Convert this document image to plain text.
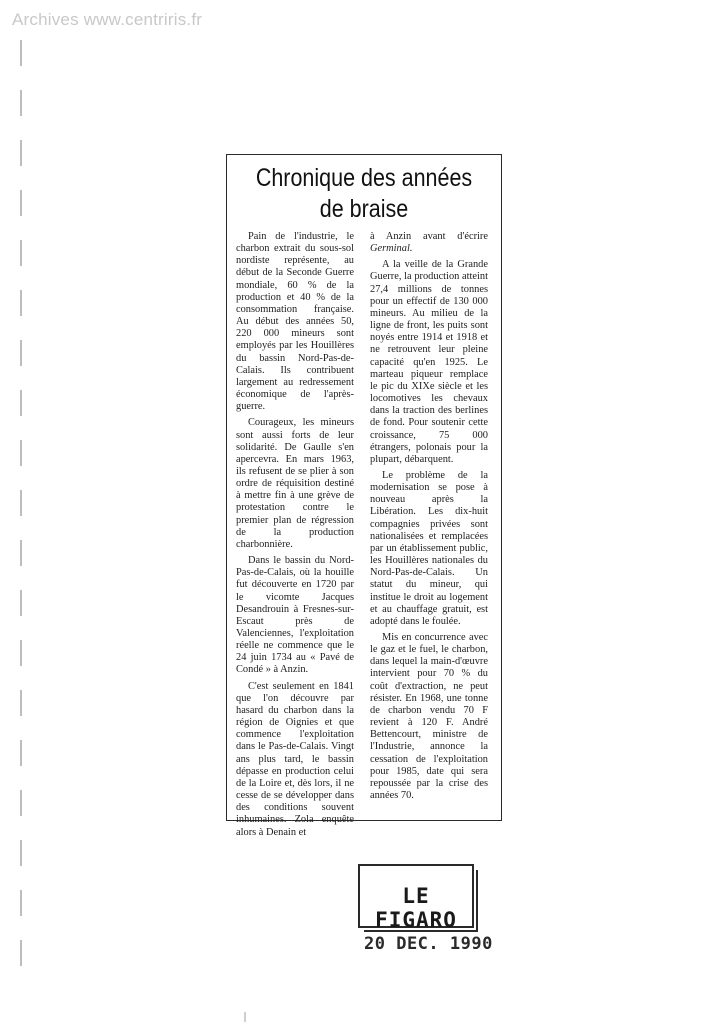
Archives www.centriris.fr
Chronique des années de braise

Pain de l'industrie, le charbon extrait du sous-sol nordiste représente, au début de la Seconde Guerre mondiale, 60 % de la production et 40 % de la consommation française. Au début des années 50, 220 000 mineurs sont employés par les Houillères du bassin Nord-Pas-de-Calais. Ils contribuent largement au redressement économique de l'après-guerre.

Courageux, les mineurs sont aussi forts de leur solidarité. De Gaulle s'en apercevra. En mars 1963, ils refusent de se plier à son ordre de réquisition destiné à mettre fin à une grève de protestation contre le premier plan de régression de la production charbonnière.

Dans le bassin du Nord-Pas-de-Calais, où la houille fut découverte en 1720 par le vicomte Jacques Desandrouin à Fresnes-sur-Escaut près de Valenciennes, l'exploitation réelle ne commence que le 24 juin 1734 au « Pavé de Condé » à Anzin.

C'est seulement en 1841 que l'on découvre par hasard du charbon dans la région de Oignies et que commence l'exploitation dans le Pas-de-Calais. Vingt ans plus tard, le bassin dépasse en production celui de la Loire et, dès lors, il ne cesse de se développer dans des conditions souvent inhumaines. Zola enquête alors à Denain et

à Anzin avant d'écrire Germinal.

A la veille de la Grande Guerre, la production atteint 27,4 millions de tonnes pour un effectif de 130 000 mineurs. Au milieu de la ligne de front, les puits sont noyés entre 1914 et 1918 et ne retrouvent leur pleine capacité qu'en 1925. Le marteau piqueur remplace le pic du XIXe siècle et les locomotives les chevaux dans la traction des berlines de fond. Pour soutenir cette croissance, 75 000 étrangers, polonais pour la plupart, débarquent.

Le problème de la modernisation se pose à nouveau après la Libération. Les dix-huit compagnies privées sont nationalisées et remplacées par un établissement public, les Houillères nationales du Nord-Pas-de-Calais. Un statut du mineur, qui institue le droit au logement et au chauffage gratuit, est adopté dans le foulée.

Mis en concurrence avec le gaz et le fuel, le charbon, dans lequel la main-d'œuvre intervient pour 70 % du coût d'extraction, ne peut résister. En 1968, une tonne de charbon vendu 70 F revient à 120 F. André Bettencourt, ministre de l'Industrie, annonce la cessation de l'exploitation pour 1985, date qui sera repoussée par la crise des années 70.

LE FIGARO
20 DEC. 1990
